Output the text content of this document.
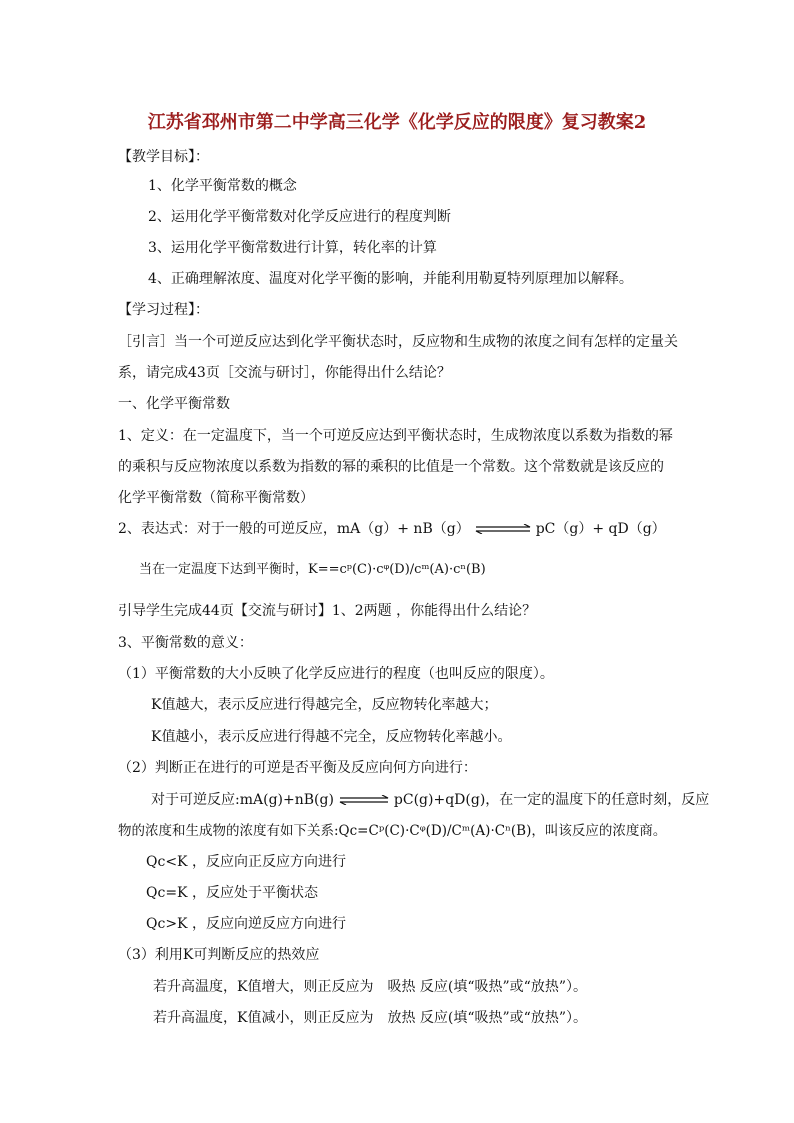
江苏省邳州市第二中学高三化学《化学反应的限度》复习教案2
【教学目标】：
1、化学平衡常数的概念
2、运用化学平衡常数对化学反应进行的程度判断
3、运用化学平衡常数进行计算，转化率的计算
4、正确理解浓度、温度对化学平衡的影响，并能利用勒夏特列原理加以解释。
【学习过程】：
［引言］当一个可逆反应达到化学平衡状态时，反应物和生成物的浓度之间有怎样的定量关
系，请完成43页［交流与研讨］，你能得出什么结论？
一、化学平衡常数
1、定义：在一定温度下，当一个可逆反应达到平衡状态时，生成物浓度以系数为指数的幂
的乘积与反应物浓度以系数为指数的幂的乘积的比值是一个常数。这个常数就是该反应的
化学平衡常数（简称平衡常数）
2、表达式：对于一般的可逆反应，mA（g）+ nB（g）	pC（g）+ qD（g）
当在一定温度下达到平衡时，K==cᵖ(C)·cᵠ(D)/cᵐ(A)·cⁿ(B)
引导学生完成44页【交流与研讨】1、2两题 ，你能得出什么结论？
3、平衡常数的意义：
（1）平衡常数的大小反映了化学反应进行的程度（也叫反应的限度）。
K值越大，表示反应进行得越完全，反应物转化率越大；
K值越小，表示反应进行得越不完全，反应物转化率越小。
（2）判断正在进行的可逆是否平衡及反应向何方向进行：
对于可逆反应:mA(g)+nB(g) ⇌ pC(g)+qD(g)，在一定的温度下的任意时刻，反应
物的浓度和生成物的浓度有如下关系:Qc=Cᵖ(C)·Cᵠ(D)/Cᵐ(A)·Cⁿ(B)，叫该反应的浓度商。
Qc<K ，反应向正反应方向进行
Qc=K ，反应处于平衡状态
Qc>K ，反应向逆反应方向进行
（3）利用K可判断反应的热效应
若升高温度，K值增大，则正反应为　吸热 反应(填“吸热”或“放热”）。
若升高温度，K值减小，则正反应为　放热 反应(填“吸热”或“放热”）。
